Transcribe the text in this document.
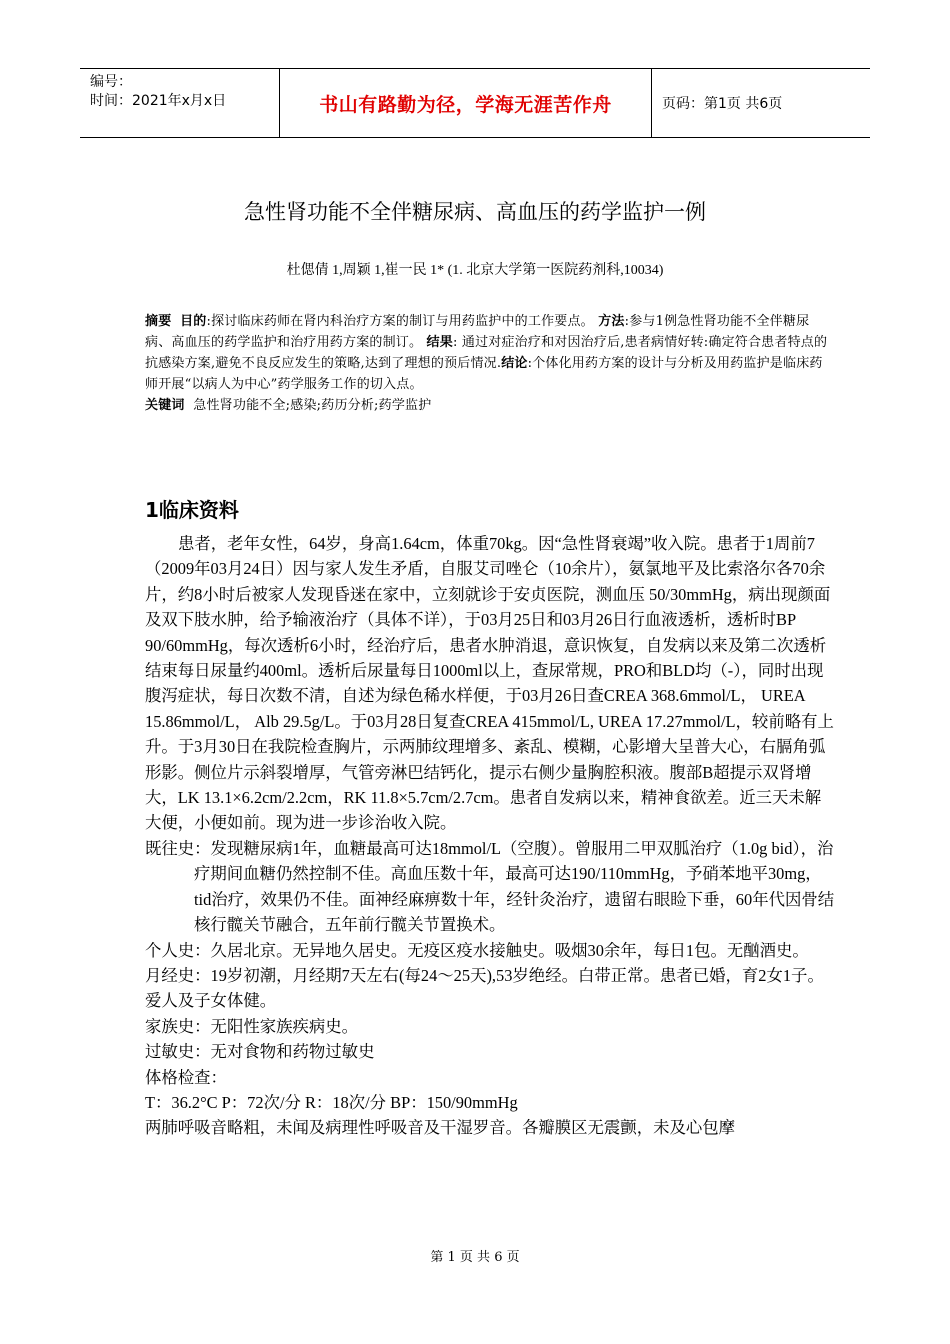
编号：
时间：2021年x月x日	书山有路勤为径，学海无涯苦作舟	页码：第1页 共6页
急性肾功能不全伴糖尿病、高血压的药学监护一例
杜偲倩 1,周颖 1,崔一民 1* (1. 北京大学第一医院药剂科,10034)

摘要 目的:探讨临床药师在肾内科治疗方案的制订与用药监护中的工作要点。 方法:参与1例急性肾功能不全伴糖尿病、高血压的药学监护和治疗用药方案的制订。 结果: 通过对症治疗和对因治疗后,患者病情好转:确定符合患者特点的抗感染方案,避免不良反应发生的策略,达到了理想的预后情况.结论:个体化用药方案的设计与分析及用药监护是临床药师开展“以病人为中心”药学服务工作的切入点。

关键词 急性肾功能不全;感染;药历分析;药学监护

1临床资料

患者，老年女性，64岁，身高1.64cm，体重70kg。因“急性肾衰竭”收入院。患者于1周前7（2009年03月24日）因与家人发生矛盾，自服艾司唑仑（10余片），氨氯地平及比索洛尔各70余片，约8小时后被家人发现昏迷在家中，立刻就诊于安贞医院，测血压 50/30mmHg，病出现颜面及双下肢水肿，给予输液治疗（具体不详），于03月25日和03月26日行血液透析，透析时BP 90/60mmHg，每次透析6小时，经治疗后，患者水肿消退，意识恢复，自发病以来及第二次透析结束每日尿量约400ml。透析后尿量每日1000ml以上，查尿常规，PRO和BLD均（-），同时出现腹泻症状，每日次数不清，自述为绿色稀水样便，于03月26日查CREA 368.6mmol/L， UREA 15.86mmol/L， Alb 29.5g/L。于03月28日复查CREA 415mmol/L, UREA 17.27mmol/L，较前略有上升。于3月30日在我院检查胸片，示两肺纹理增多、紊乱、模糊，心影增大呈普大心，右膈角弧形影。侧位片示斜裂增厚，气管旁淋巴结钙化，提示右侧少量胸腔积液。腹部B超提示双肾增大，LK 13.1×6.2cm/2.2cm，RK 11.8×5.7cm/2.7cm。患者自发病以来，精神食欲差。近三天未解大便，小便如前。现为进一步诊治收入院。

既往史：发现糖尿病1年，血糖最高可达18mmol/L（空腹）。曾服用二甲双胍治疗（1.0g bid），治疗期间血糖仍然控制不佳。高血压数十年，最高可达190/110mmHg，予硝苯地平30mg，tid治疗，效果仍不佳。面神经麻痹数十年，经针灸治疗，遗留右眼睑下垂，60年代因骨结核行髋关节融合，五年前行髋关节置换术。

个人史：久居北京。无异地久居史。无疫区疫水接触史。吸烟30余年，每日1包。无酗酒史。

月经史：19岁初潮，月经期7天左右(每24～25天),53岁绝经。白带正常。患者已婚，育2女1子。爱人及子女体健。

家族史：无阳性家族疾病史。

过敏史：无对食物和药物过敏史

体格检查：

T：36.2°C P：72次/分 R：18次/分 BP：150/90mmHg

两肺呼吸音略粗，未闻及病理性呼吸音及干湿罗音。各瓣膜区无震颤，未及心包摩

第 1 页 共 6 页
